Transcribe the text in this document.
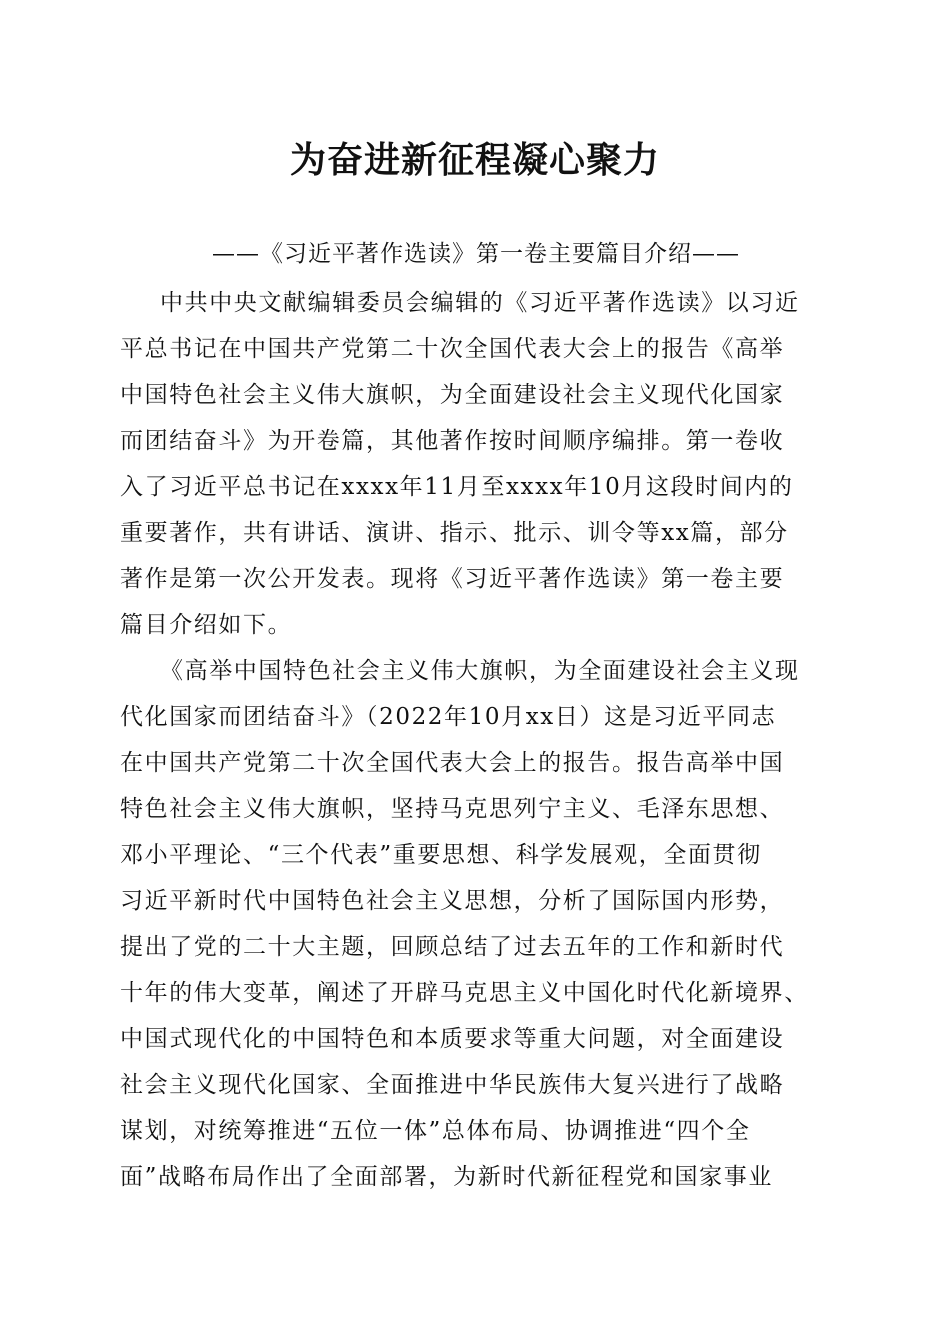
为奋进新征程凝心聚力
——《习近平著作选读》第一卷主要篇目介绍——

中共中央文献编辑委员会编辑的《习近平著作选读》以习近
平总书记在中国共产党第二十次全国代表大会上的报告《高举
中国特色社会主义伟大旗帜，为全面建设社会主义现代化国家
而团结奋斗》为开卷篇，其他著作按时间顺序编排。第一卷收
入了习近平总书记在xxxx年11月至xxxx年10月这段时间内的
重要著作，共有讲话、演讲、指示、批示、训令等xx篇，部分
著作是第一次公开发表。现将《习近平著作选读》第一卷主要
篇目介绍如下。

《高举中国特色社会主义伟大旗帜，为全面建设社会主义现
代化国家而团结奋斗》（2022年10月xx日）这是习近平同志
在中国共产党第二十次全国代表大会上的报告。报告高举中国
特色社会主义伟大旗帜，坚持马克思列宁主义、毛泽东思想、
邓小平理论、“三个代表”重要思想、科学发展观，全面贯彻
习近平新时代中国特色社会主义思想，分析了国际国内形势，
提出了党的二十大主题，回顾总结了过去五年的工作和新时代
十年的伟大变革，阐述了开辟马克思主义中国化时代化新境界、
中国式现代化的中国特色和本质要求等重大问题，对全面建设
社会主义现代化国家、全面推进中华民族伟大复兴进行了战略
谋划，对统筹推进“五位一体”总体布局、协调推进“四个全
面”战略布局作出了全面部署，为新时代新征程党和国家事业
